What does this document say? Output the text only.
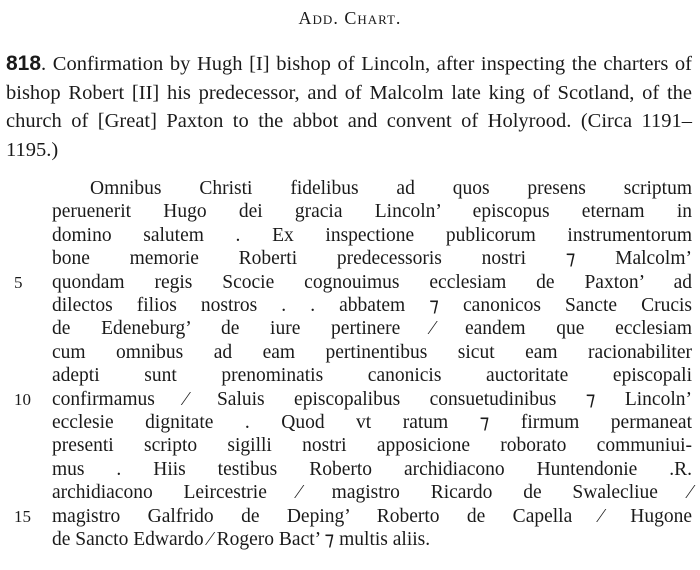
Add. Chart.
818. Confirmation by Hugh [I] bishop of Lincoln, after inspecting the charters of bishop Robert [II] his predecessor, and of Malcolm late king of Scotland, of the church of [Great] Paxton to the abbot and convent of Holyrood. (Circa 1191–1195.)
Omnibus Christi fidelibus ad quos presens scriptum
peruenerit Hugo dei gracia Lincoln’ episcopus eternam in
domino salutem . Ex inspectione publicorum instrumentorum
bone memorie Roberti predecessoris nostri ⁊ Malcolm’
5 quondam regis Scocie cognouimus ecclesiam de Paxton’ ad
dilectos filios nostros . . abbatem ⁊ canonicos Sancte Crucis
de Edeneburg’ de iure pertinere ⁄ eandem que ecclesiam
cum omnibus ad eam pertinentibus sicut eam racionabiliter
adepti sunt prenominatis canonicis auctoritate episcopali
10 confirmamus ⁄ Saluis episcopalibus consuetudinibus ⁊ Lincoln’
ecclesie dignitate . Quod vt ratum ⁊ firmum permaneat
presenti scripto sigilli nostri apposicione roborato communiui-
mus . Hiis testibus Roberto archidiacono Huntendonie .R.
archidiacono Leircestrie ⁄ magistro Ricardo de Swalecliue ⁄
15 magistro Galfrido de Deping’ Roberto de Capella ⁄ Hugone
de Sancto Edwardo ⁄ Rogero Bact’ ⁊ multis aliis.
